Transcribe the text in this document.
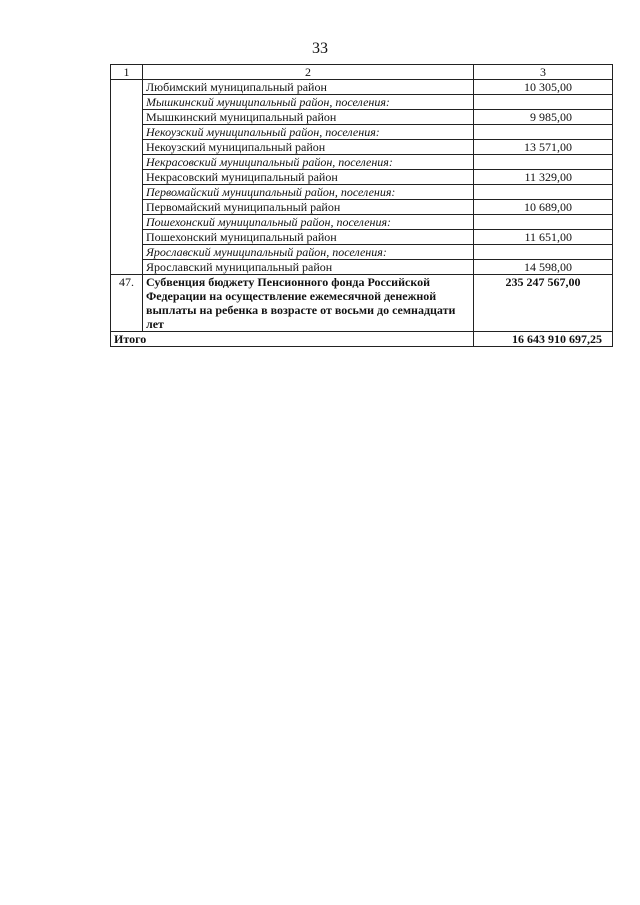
33
1	2	3
	Любимский муниципальный район	10 305,00
	Мышкинский муниципальный район, поселения:	
	Мышкинский муниципальный район	9 985,00
	Некоузский муниципальный район, поселения:	
	Некоузский муниципальный район	13 571,00
	Некрасовский муниципальный район, поселения:	
	Некрасовский муниципальный район	11 329,00
	Первомайский муниципальный район, поселения:	
	Первомайский муниципальный район	10 689,00
	Пошехонский муниципальный район, поселения:	
	Пошехонский муниципальный район	11 651,00
	Ярославский муниципальный район, поселения:	
	Ярославский муниципальный район	14 598,00
47.	Субвенция бюджету Пенсионного фонда Российской Федерации на осуществление ежемесячной денежной выплаты на ребенка в возрасте от восьми до семнадцати лет	235 247 567,00
Итого		16 643 910 697,25
